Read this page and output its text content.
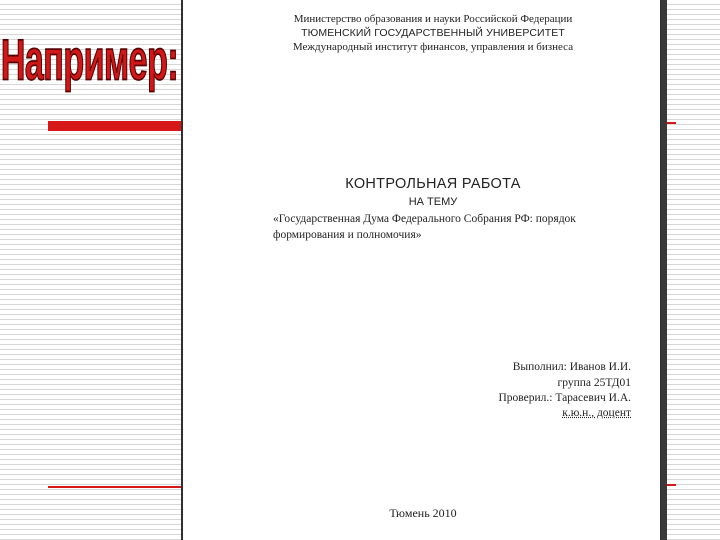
Например:
Министерство образования и науки Российской Федерации
ТЮМЕНСКИЙ ГОСУДАРСТВЕННЫЙ УНИВЕРСИТЕТ
Международный институт финансов, управления и бизнеса
КОНТРОЛЬНАЯ РАБОТА
НА ТЕМУ
«Государственная Дума Федерального Собрания РФ: порядок
формирования и полномочия»
Выполнил: Иванов И.И.
группа 25ТД01
Проверил.: Тарасевич И.А.
к.ю.н., доцент
Тюмень 2010
